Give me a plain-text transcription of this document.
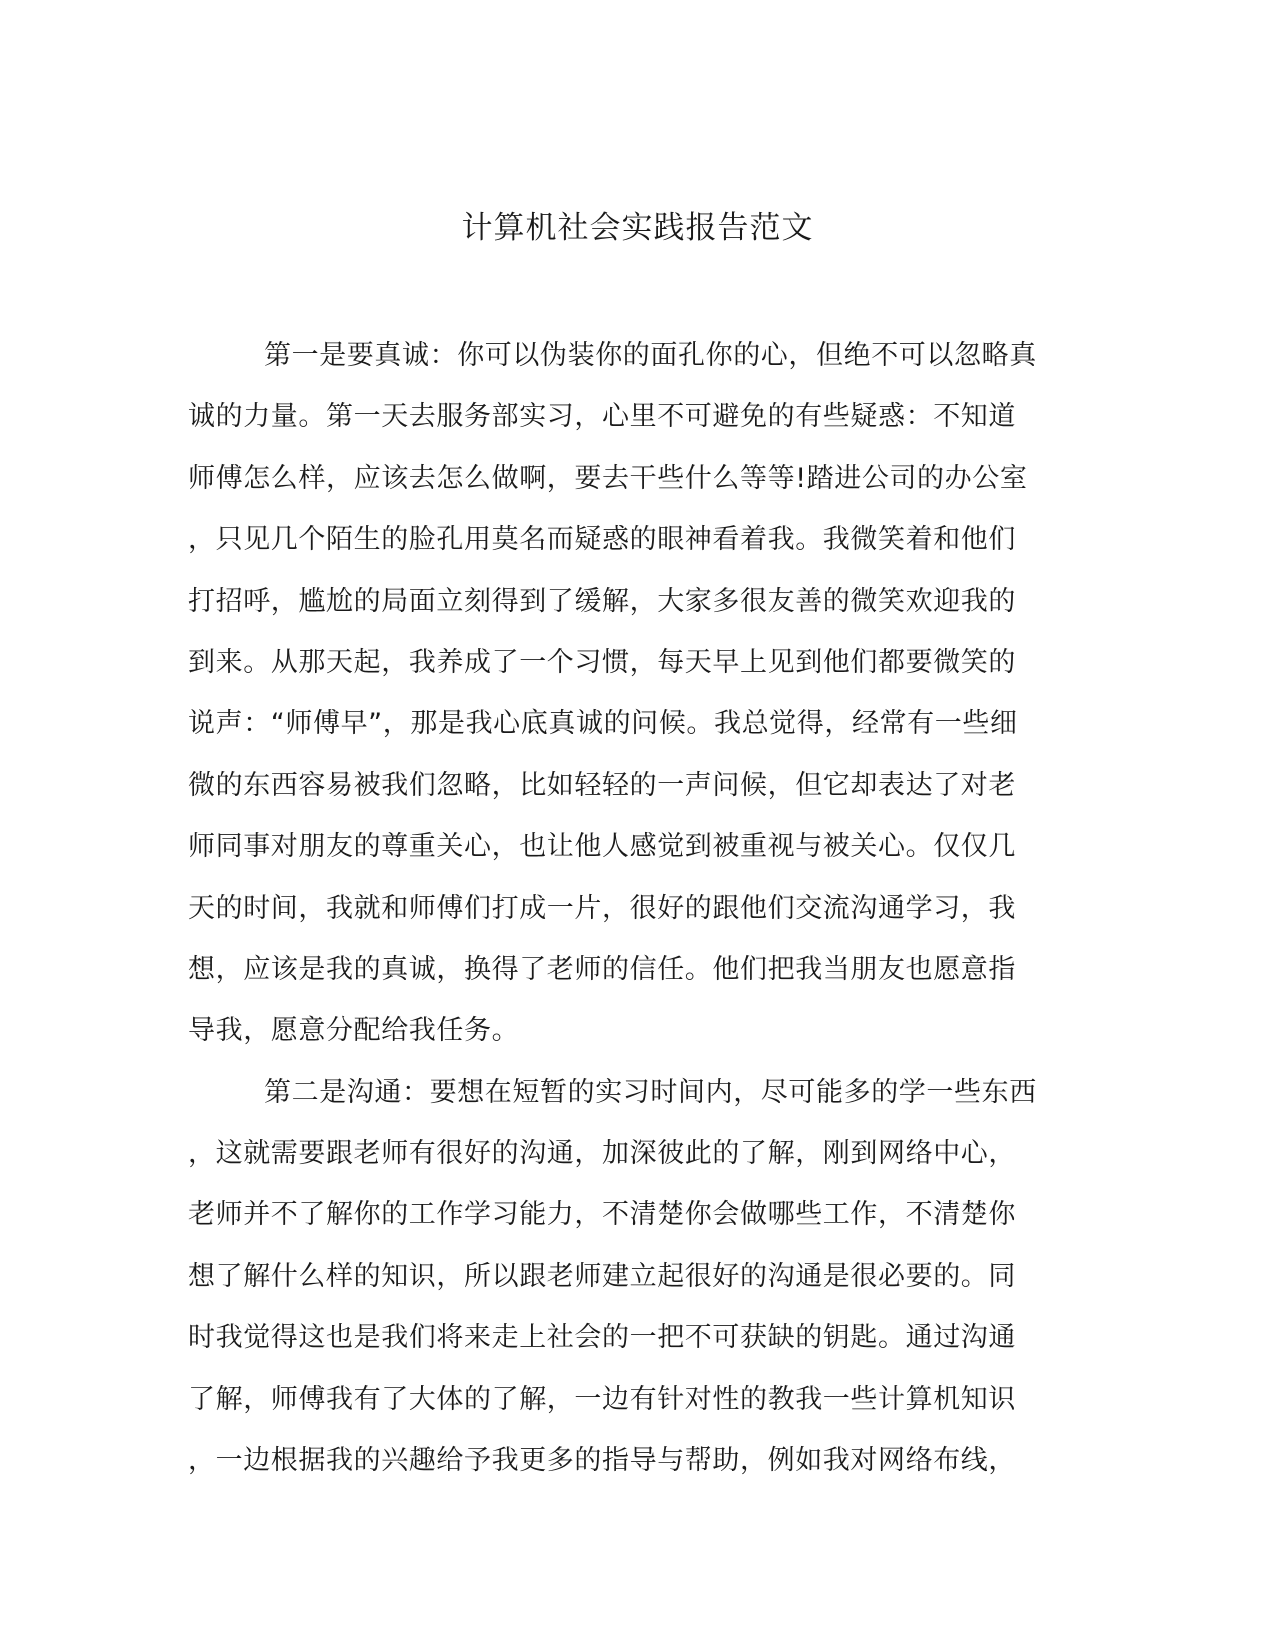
计算机社会实践报告范文
第一是要真诚：你可以伪装你的面孔你的心，但绝不可以忽略真
诚的力量。第一天去服务部实习，心里不可避免的有些疑惑：不知道
师傅怎么样，应该去怎么做啊，要去干些什么等等!踏进公司的办公室
，只见几个陌生的脸孔用莫名而疑惑的眼神看着我。我微笑着和他们
打招呼，尴尬的局面立刻得到了缓解，大家多很友善的微笑欢迎我的
到来。从那天起，我养成了一个习惯，每天早上见到他们都要微笑的
说声：“师傅早”，那是我心底真诚的问候。我总觉得，经常有一些细
微的东西容易被我们忽略，比如轻轻的一声问候，但它却表达了对老
师同事对朋友的尊重关心，也让他人感觉到被重视与被关心。仅仅几
天的时间，我就和师傅们打成一片，很好的跟他们交流沟通学习，我
想，应该是我的真诚，换得了老师的信任。他们把我当朋友也愿意指
导我，愿意分配给我任务。
第二是沟通：要想在短暂的实习时间内，尽可能多的学一些东西
，这就需要跟老师有很好的沟通，加深彼此的了解，刚到网络中心，
老师并不了解你的工作学习能力，不清楚你会做哪些工作，不清楚你
想了解什么样的知识，所以跟老师建立起很好的沟通是很必要的。同
时我觉得这也是我们将来走上社会的一把不可获缺的钥匙。通过沟通
了解，师傅我有了大体的了解，一边有针对性的教我一些计算机知识
，一边根据我的兴趣给予我更多的指导与帮助，例如我对网络布线，
